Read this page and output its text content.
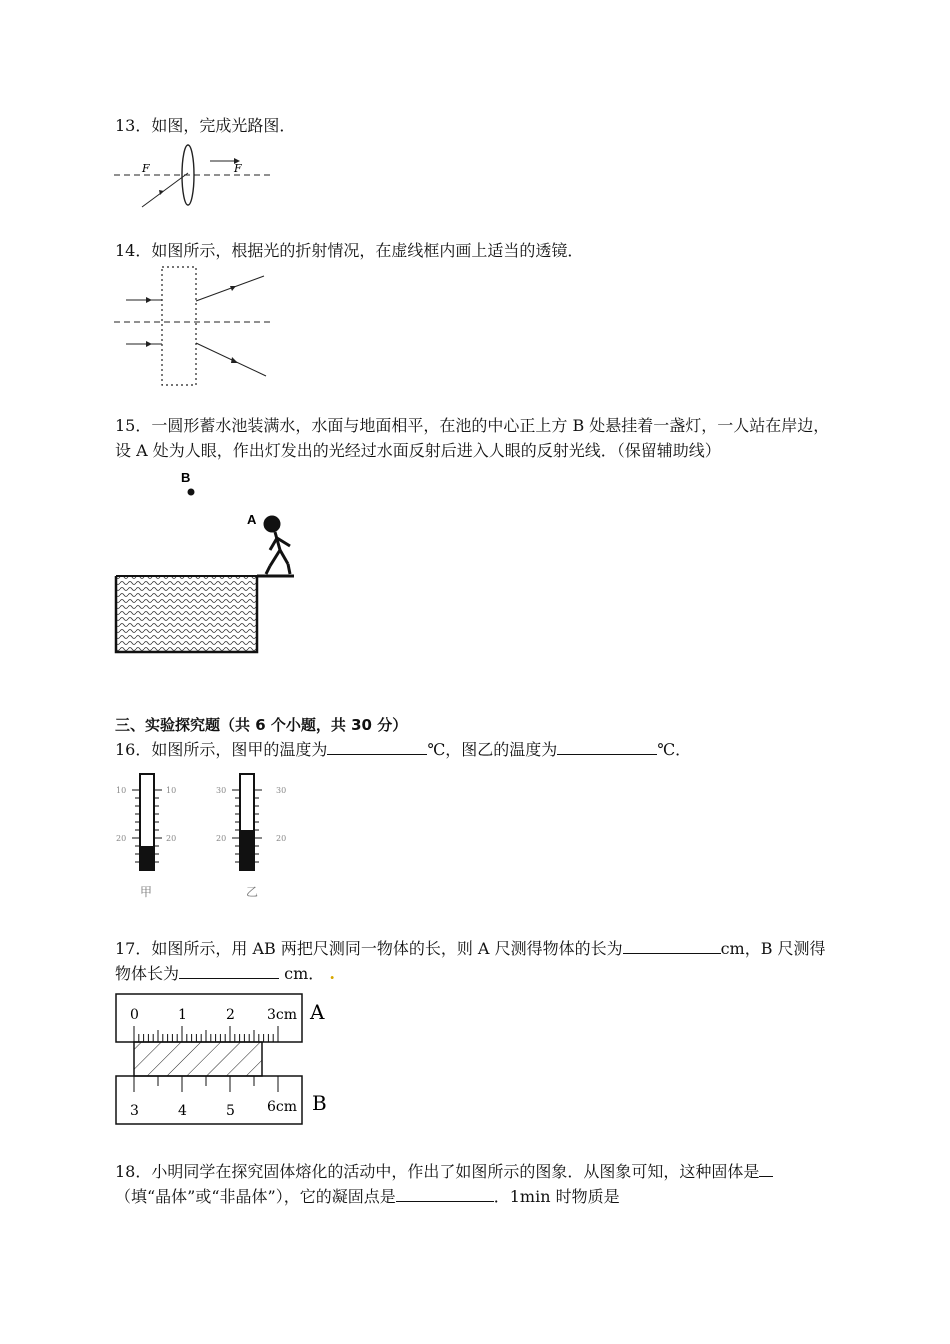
13．如图，完成光路图．
F	F
14．如图所示，根据光的折射情况，在虚线框内画上适当的透镜．
15．一圆形蓄水池装满水，水面与地面相平，在池的中心正上方 B 处悬挂着一盏灯，一人站在岸边，
设 A 处为人眼，作出灯发出的光经过水面反射后进入人眼的反射光线．（保留辅助线）
B
A
三、实验探究题（共 6 个小题，共 30 分）
16．如图所示，图甲的温度为	℃，图乙的温度为	℃．
10	10
20	20
甲
30	30
20	20
乙
17．如图所示，用 AB 两把尺测同一物体的长，则 A 尺测得物体的长为	cm，B 尺测得
物体长为	cm． .
0	1	2 3cm A
3	4	5 6cm B
18．小明同学在探究固体熔化的活动中，作出了如图所示的图象．从图象可知，这种固体是
（填“晶体”或“非晶体”），它的凝固点是	．1min 时物质是
